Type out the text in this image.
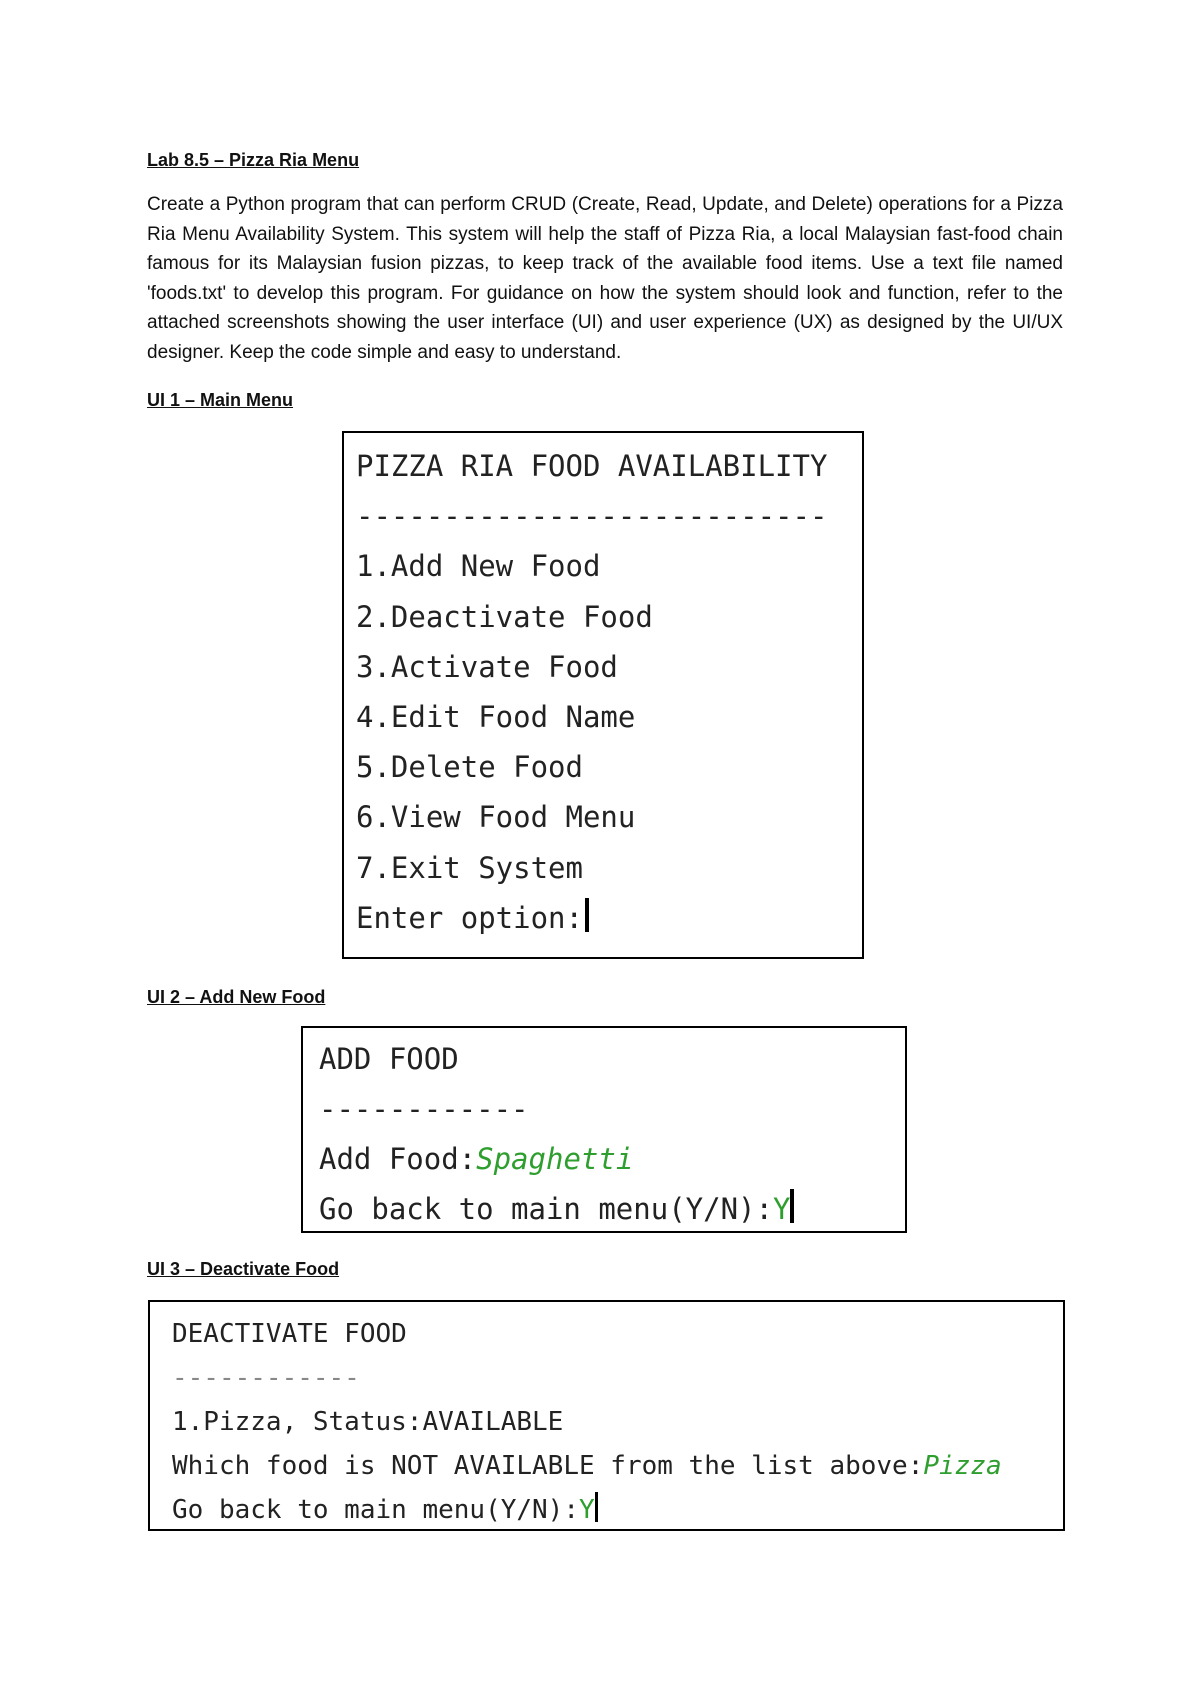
Lab 8.5 – Pizza Ria Menu

Create a Python program that can perform CRUD (Create, Read, Update, and Delete) operations for a Pizza Ria Menu Availability System. This system will help the staff of Pizza Ria, a local Malaysian fast-food chain famous for its Malaysian fusion pizzas, to keep track of the available food items. Use a text file named 'foods.txt' to develop this program. For guidance on how the system should look and function, refer to the attached screenshots showing the user interface (UI) and user experience (UX) as designed by the UI/UX designer. Keep the code simple and easy to understand.

UI 1 – Main Menu
PIZZA RIA FOOD AVAILABILITY
---------------------------
1.Add New Food
2.Deactivate Food
3.Activate Food
4.Edit Food Name
5.Delete Food
6.View Food Menu
7.Exit System
Enter option:
UI 2 – Add New Food
ADD FOOD
------------
Add Food:Spaghetti
Go back to main menu(Y/N):Y
UI 3 – Deactivate Food
DEACTIVATE FOOD
------------
1.Pizza, Status:AVAILABLE
Which food is NOT AVAILABLE from the list above:Pizza
Go back to main menu(Y/N):Y
